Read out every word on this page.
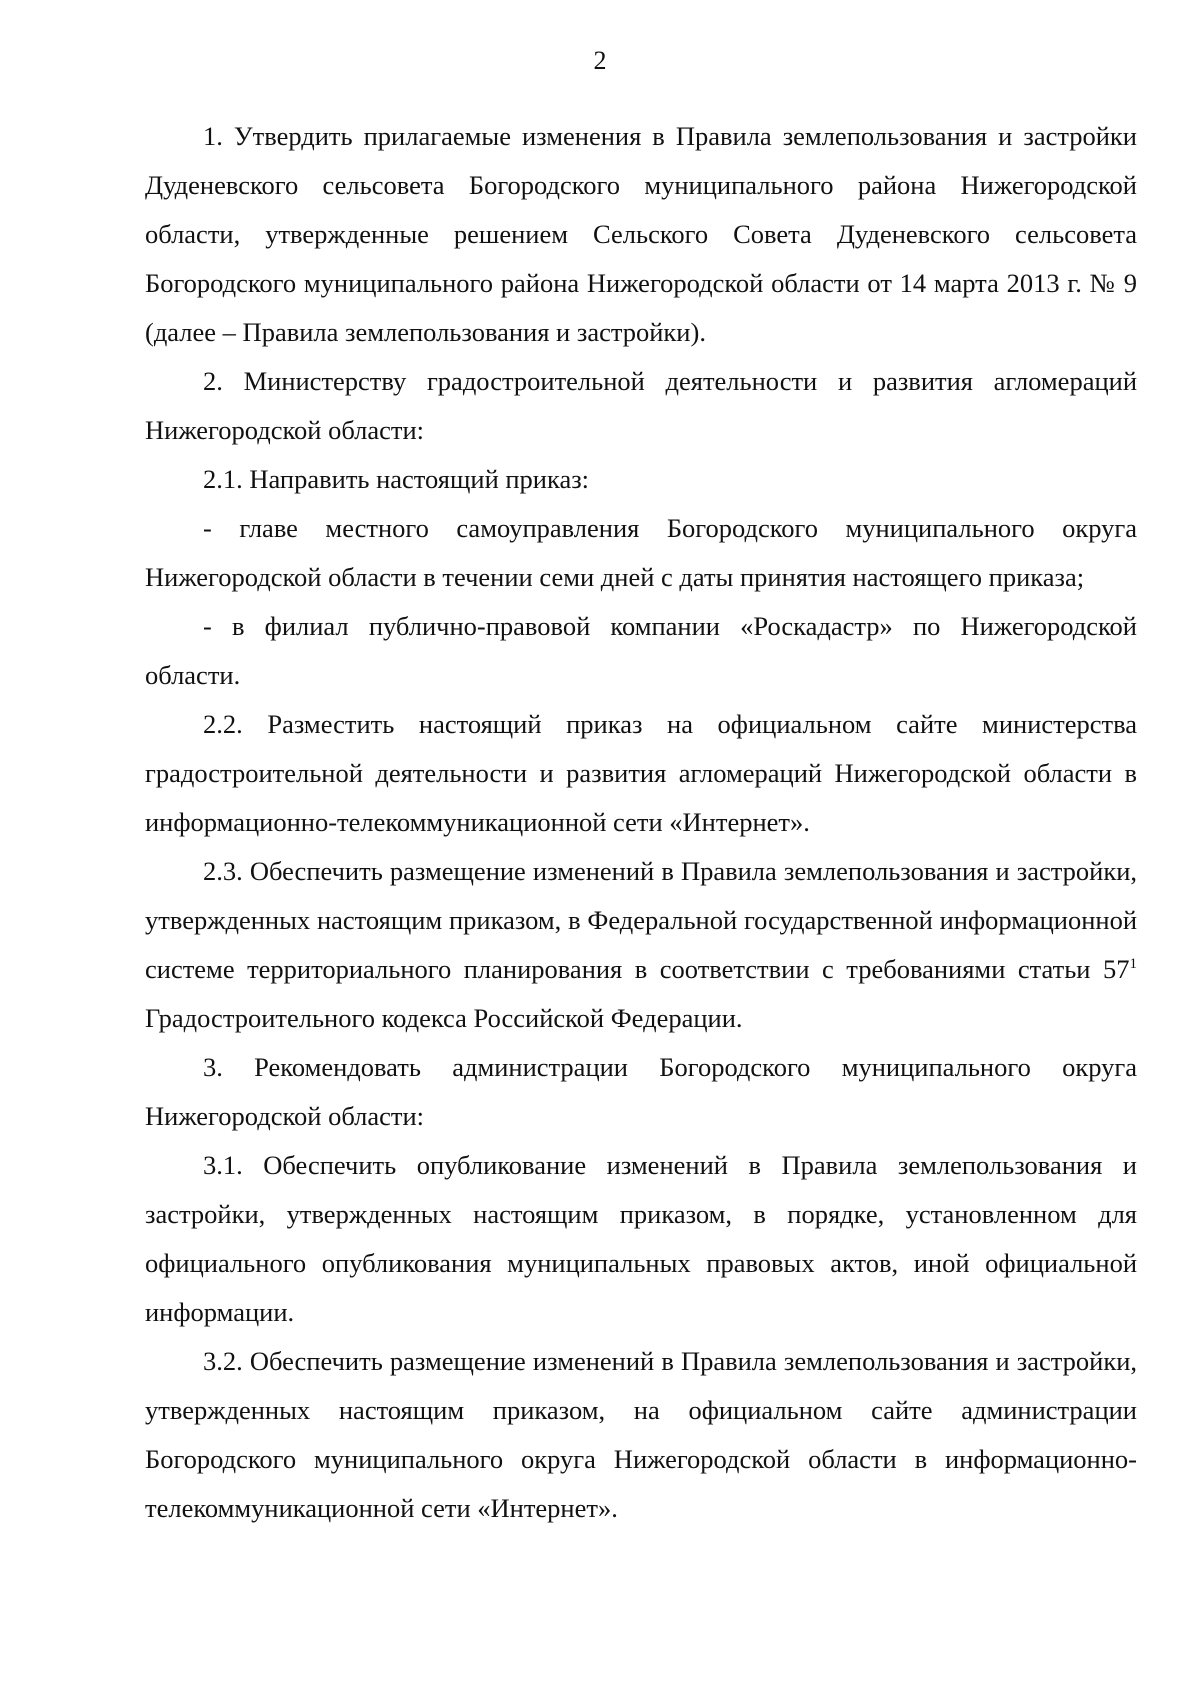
2

1. Утвердить прилагаемые изменения в Правила землепользования и застройки Дуденевского сельсовета Богородского муниципального района Нижегородской области, утвержденные решением Сельского Совета Дуденевского сельсовета Богородского муниципального района Нижегородской области от 14 марта 2013 г. № 9 (далее – Правила землепользования и застройки).

2. Министерству градостроительной деятельности и развития агломераций Нижегородской области:

2.1. Направить настоящий приказ:

- главе местного самоуправления Богородского муниципального округа Нижегородской области в течении семи дней с даты принятия настоящего приказа;

- в филиал публично-правовой компании «Роскадастр» по Нижегородской области.

2.2. Разместить настоящий приказ на официальном сайте министерства градостроительной деятельности и развития агломераций Нижегородской области в информационно-телекоммуникационной сети «Интернет».

2.3. Обеспечить размещение изменений в Правила землепользования и застройки, утвержденных настоящим приказом, в Федеральной государственной информационной системе территориального планирования в соответствии с требованиями статьи $57^1$ Градостроительного кодекса Российской Федерации.

3. Рекомендовать администрации Богородского муниципального округа Нижегородской области:

3.1. Обеспечить опубликование изменений в Правила землепользования и застройки, утвержденных настоящим приказом, в порядке, установленном для официального опубликования муниципальных правовых актов, иной официальной информации.

3.2. Обеспечить размещение изменений в Правила землепользования и застройки, утвержденных настоящим приказом, на официальном сайте администрации Богородского муниципального округа Нижегородской области в информационно-телекоммуникационной сети «Интернет».
